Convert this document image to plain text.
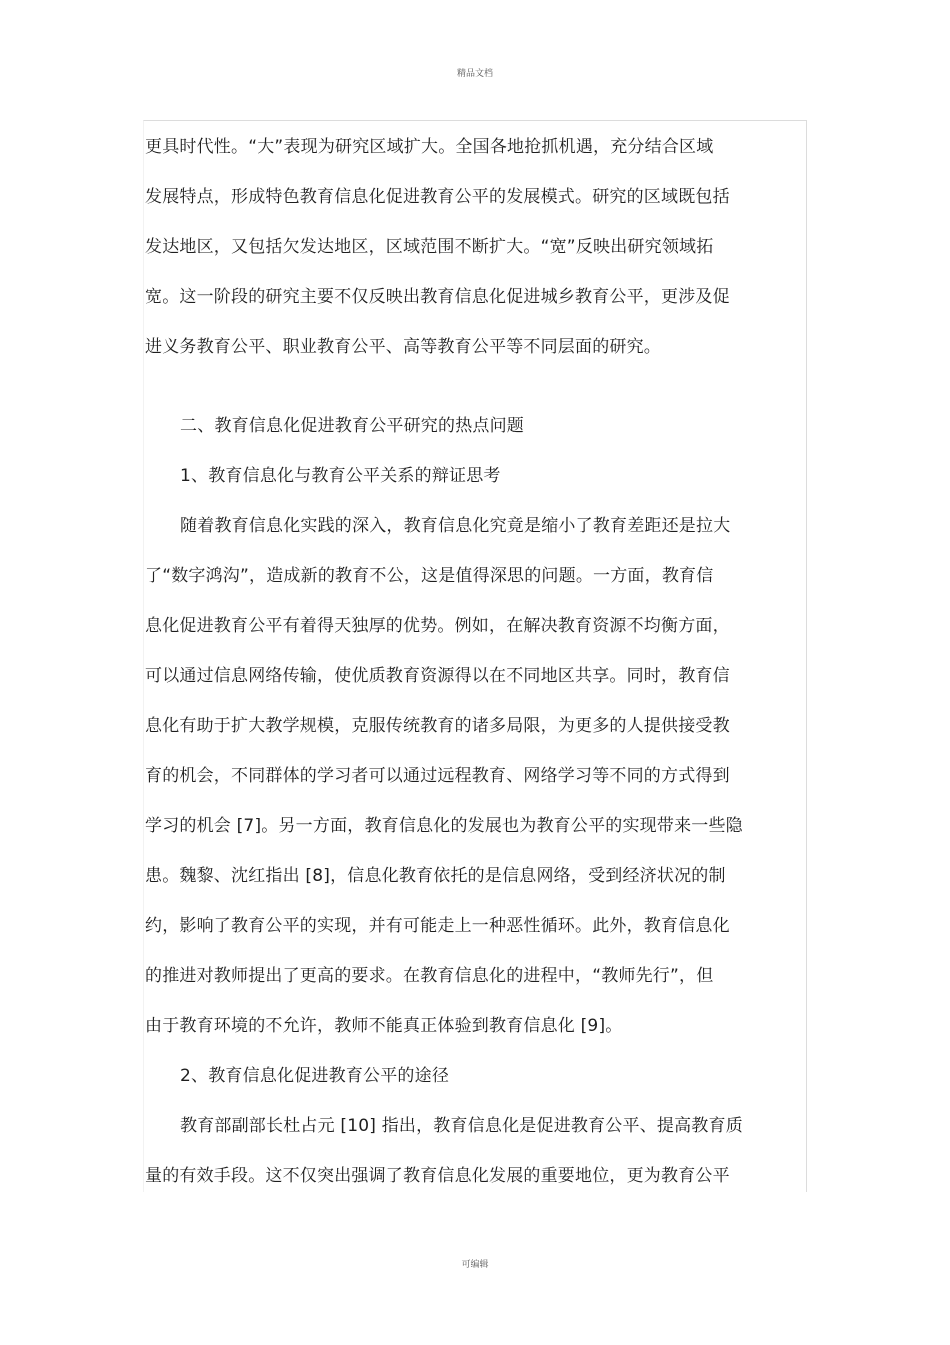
精品文档
更具时代性。“大”表现为研究区域扩大。全国各地抢抓机遇，充分结合区域
发展特点，形成特色教育信息化促进教育公平的发展模式。研究的区域既包括
发达地区，又包括欠发达地区，区域范围不断扩大。“宽”反映出研究领域拓
宽。这一阶段的研究主要不仅反映出教育信息化促进城乡教育公平，更涉及促
进义务教育公平、职业教育公平、高等教育公平等不同层面的研究。
二、教育信息化促进教育公平研究的热点问题
1、教育信息化与教育公平关系的辩证思考
随着教育信息化实践的深入，教育信息化究竟是缩小了教育差距还是拉大
了“数字鸿沟”，造成新的教育不公，这是值得深思的问题。一方面，教育信
息化促进教育公平有着得天独厚的优势。例如，在解决教育资源不均衡方面，
可以通过信息网络传输，使优质教育资源得以在不同地区共享。同时，教育信
息化有助于扩大教学规模，克服传统教育的诸多局限，为更多的人提供接受教
育的机会，不同群体的学习者可以通过远程教育、网络学习等不同的方式得到
学习的机会 [7]。另一方面，教育信息化的发展也为教育公平的实现带来一些隐
患。魏黎、沈红指出 [8]，信息化教育依托的是信息网络，受到经济状况的制
约，影响了教育公平的实现，并有可能走上一种恶性循环。此外，教育信息化
的推进对教师提出了更高的要求。在教育信息化的进程中，“教师先行”，但
由于教育环境的不允许，教师不能真正体验到教育信息化 [9]。
2、教育信息化促进教育公平的途径
教育部副部长杜占元 [10] 指出，教育信息化是促进教育公平、提高教育质
量的有效手段。这不仅突出强调了教育信息化发展的重要地位，更为教育公平
可编辑
